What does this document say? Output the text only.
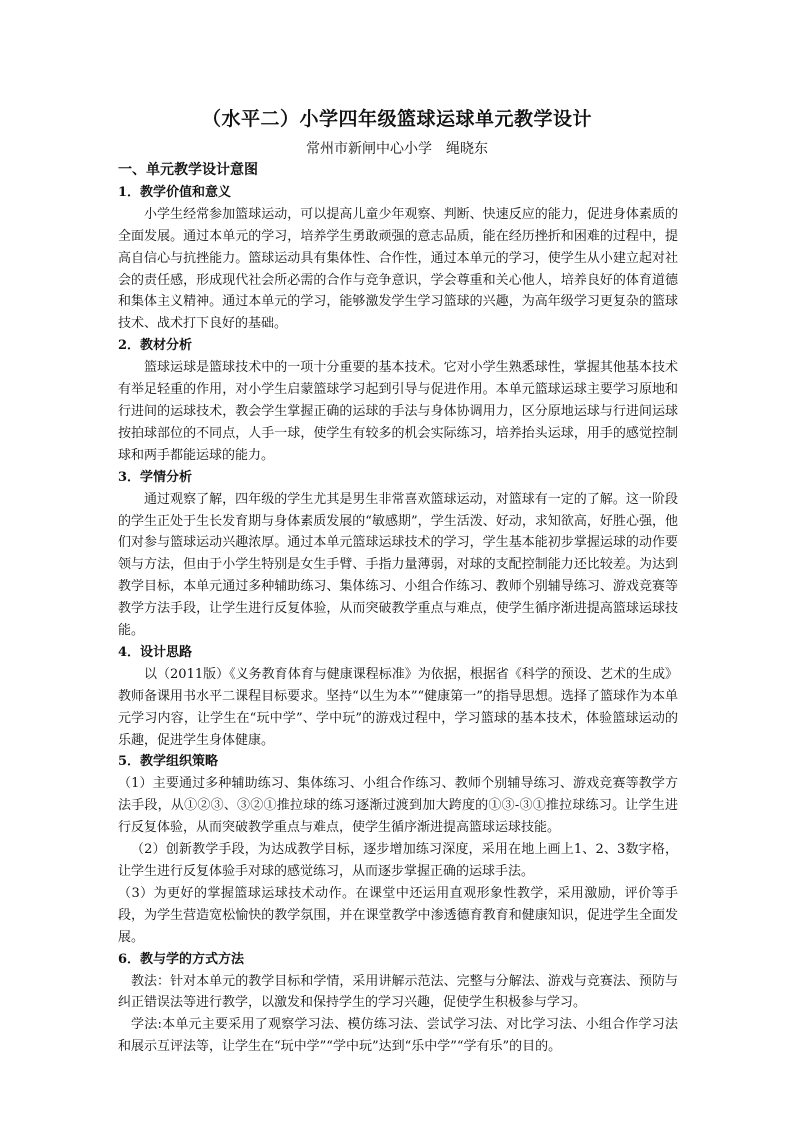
（水平二）小学四年级篮球运球单元教学设计
常州市新闸中心小学　绳晓东

一、单元教学设计意图

1．教学价值和意义

小学生经常参加篮球运动，可以提高儿童少年观察、判断、快速反应的能力，促进身体素质的全面发展。通过本单元的学习，培养学生勇敢顽强的意志品质，能在经历挫折和困难的过程中，提高自信心与抗挫能力。篮球运动具有集体性、合作性，通过本单元的学习，使学生从小建立起对社会的责任感，形成现代社会所必需的合作与竞争意识，学会尊重和关心他人，培养良好的体育道德和集体主义精神。通过本单元的学习，能够激发学生学习篮球的兴趣，为高年级学习更复杂的篮球技术、战术打下良好的基础。

2．教材分析

篮球运球是篮球技术中的一项十分重要的基本技术。它对小学生熟悉球性，掌握其他基本技术有举足轻重的作用，对小学生启蒙篮球学习起到引导与促进作用。本单元篮球运球主要学习原地和行进间的运球技术，教会学生掌握正确的运球的手法与身体协调用力，区分原地运球与行进间运球按拍球部位的不同点，人手一球，使学生有较多的机会实际练习，培养抬头运球，用手的感觉控制球和两手都能运球的能力。

3．学情分析

通过观察了解，四年级的学生尤其是男生非常喜欢篮球运动，对篮球有一定的了解。这一阶段的学生正处于生长发育期与身体素质发展的“敏感期”，学生活泼、好动，求知欲高，好胜心强，他们对参与篮球运动兴趣浓厚。通过本单元篮球运球技术的学习，学生基本能初步掌握运球的动作要领与方法，但由于小学生特别是女生手臂、手指力量薄弱，对球的支配控制能力还比较差。为达到教学目标，本单元通过多种辅助练习、集体练习、小组合作练习、教师个别辅导练习、游戏竞赛等教学方法手段，让学生进行反复体验，从而突破教学重点与难点，使学生循序渐进提高篮球运球技能。

4．设计思路

以（2011版）《义务教育体育与健康课程标准》为依据，根据省《科学的预设、艺术的生成》教师备课用书水平二课程目标要求。坚持“以生为本”“健康第一”的指导思想。选择了篮球作为本单元学习内容，让学生在“玩中学”、学中玩”的游戏过程中，学习篮球的基本技术，体验篮球运动的乐趣，促进学生身体健康。

5．教学组织策略

（1）主要通过多种辅助练习、集体练习、小组合作练习、教师个别辅导练习、游戏竞赛等教学方法手段，从①②③、③②①推拉球的练习逐渐过渡到加大跨度的①③-③①推拉球练习。让学生进行反复体验，从而突破教学重点与难点，使学生循序渐进提高篮球运球技能。

（2）创新教学手段，为达成教学目标，逐步增加练习深度，采用在地上画上1、2、3数字格，让学生进行反复体验手对球的感觉练习，从而逐步掌握正确的运球手法。

（3）为更好的掌握篮球运球技术动作。在课堂中还运用直观形象性教学，采用激励，评价等手段，为学生营造宽松愉快的教学氛围，并在课堂教学中渗透德育教育和健康知识，促进学生全面发展。

6．教与学的方式方法

教法：针对本单元的教学目标和学情，采用讲解示范法、完整与分解法、游戏与竞赛法、预防与纠正错误法等进行教学，以激发和保持学生的学习兴趣，促使学生积极参与学习。

学法:本单元主要采用了观察学习法、模仿练习法、尝试学习法、对比学习法、小组合作学习法和展示互评法等，让学生在“玩中学”“学中玩”达到“乐中学”“学有乐”的目的。
